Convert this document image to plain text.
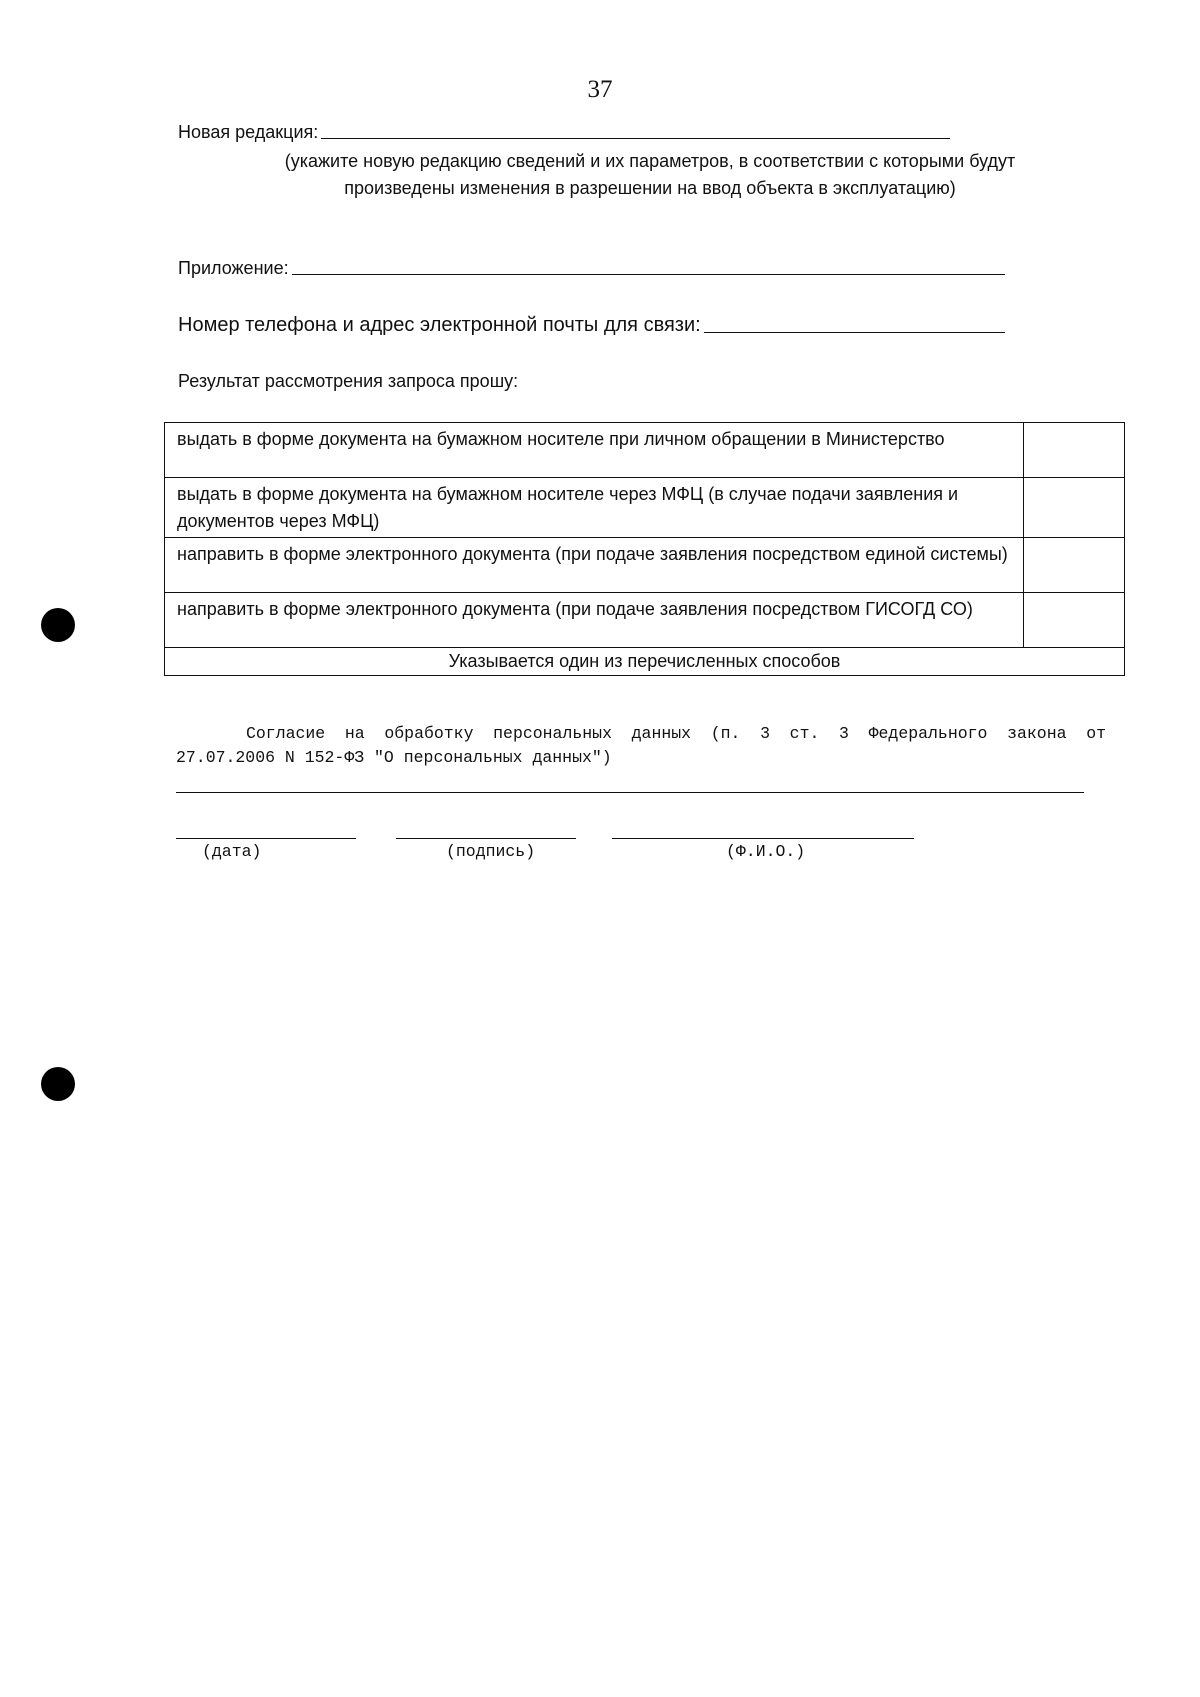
37
Новая редакция:
(укажите новую редакцию сведений и их параметров, в соответствии с которыми будут произведены изменения в разрешении на ввод объекта в эксплуатацию)
Приложение:
Номер телефона и адрес электронной почты для связи:
Результат рассмотрения запроса прошу:
выдать в форме документа на бумажном носителе при личном обращении в Министерство	
выдать в форме документа на бумажном носителе через МФЦ (в случае подачи заявления и документов через МФЦ)	
направить в форме электронного документа (при подаче заявления посредством единой системы)	
направить в форме электронного документа (при подаче заявления посредством ГИСОГД СО)	
Указывается один из перечисленных способов	
Согласие на обработку персональных данных (п. 3 ст. 3 Федерального закона от 27.07.2006 N 152-ФЗ "О персональных данных")
(дата)	(подпись)	(Ф.И.О.)
